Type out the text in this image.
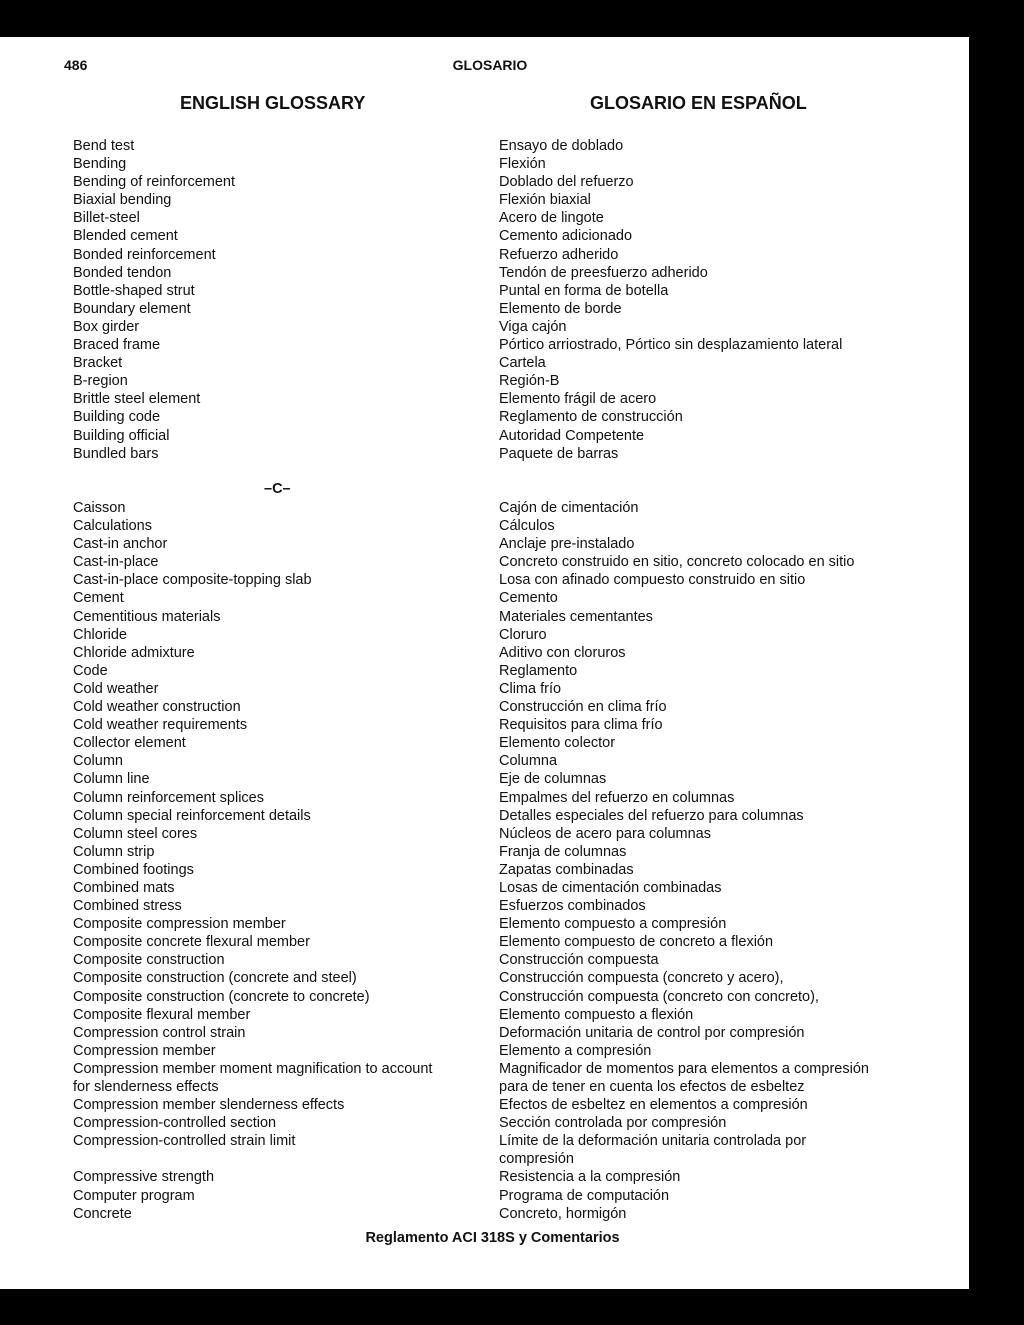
486	GLOSARIO
ENGLISH GLOSSARY	GLOSARIO EN ESPAÑOL
Bend test
Bending
Bending of reinforcement
Biaxial bending
Billet-steel
Blended cement
Bonded reinforcement
Bonded tendon
Bottle-shaped strut
Boundary element
Box girder
Braced frame
Bracket
B-region
Brittle steel element
Building code
Building official
Bundled bars
Ensayo de doblado
Flexión
Doblado del refuerzo
Flexión biaxial
Acero de lingote
Cemento adicionado
Refuerzo adherido
Tendón de preesfuerzo adherido
Puntal en forma de botella
Elemento de borde
Viga cajón
Pórtico arriostrado, Pórtico sin desplazamiento lateral
Cartela
Región-B
Elemento frágil de acero
Reglamento de construcción
Autoridad Competente
Paquete de barras
–C–
Caisson
Calculations
Cast-in anchor
Cast-in-place
Cast-in-place composite-topping slab
Cement
Cementitious materials
Chloride
Chloride admixture
Code
Cold weather
Cold weather construction
Cold weather requirements
Collector element
Column
Column line
Column reinforcement splices
Column special reinforcement details
Column steel cores
Column strip
Combined footings
Combined mats
Combined stress
Composite compression member
Composite concrete flexural member
Composite construction
Composite construction (concrete and steel)
Composite construction (concrete to concrete)
Composite flexural member
Compression control strain
Compression member
Compression member moment magnification to account
for slenderness effects
Compression member slenderness effects
Compression-controlled section
Compression-controlled strain limit
Compressive strength
Computer program
Concrete
Cajón de cimentación
Cálculos
Anclaje pre-instalado
Concreto construido en sitio, concreto colocado en sitio
Losa con afinado compuesto construido en sitio
Cemento
Materiales cementantes
Cloruro
Aditivo con cloruros
Reglamento
Clima frío
Construcción en clima frío
Requisitos para clima frío
Elemento colector
Columna
Eje de columnas
Empalmes del refuerzo en columnas
Detalles especiales del refuerzo para columnas
Núcleos de acero para columnas
Franja de columnas
Zapatas combinadas
Losas de cimentación combinadas
Esfuerzos combinados
Elemento compuesto a compresión
Elemento compuesto de concreto a flexión
Construcción compuesta
Construcción compuesta (concreto y acero),
Construcción compuesta (concreto con concreto),
Elemento compuesto a flexión
Deformación unitaria de control por compresión
Elemento a compresión
Magnificador de momentos para elementos a compresión
para de tener en cuenta los efectos de esbeltez
Efectos de esbeltez en elementos a compresión
Sección controlada por compresión
Límite de la deformación unitaria controlada por
compresión
Resistencia a la compresión
Programa de computación
Concreto, hormigón
Reglamento ACI 318S y Comentarios
